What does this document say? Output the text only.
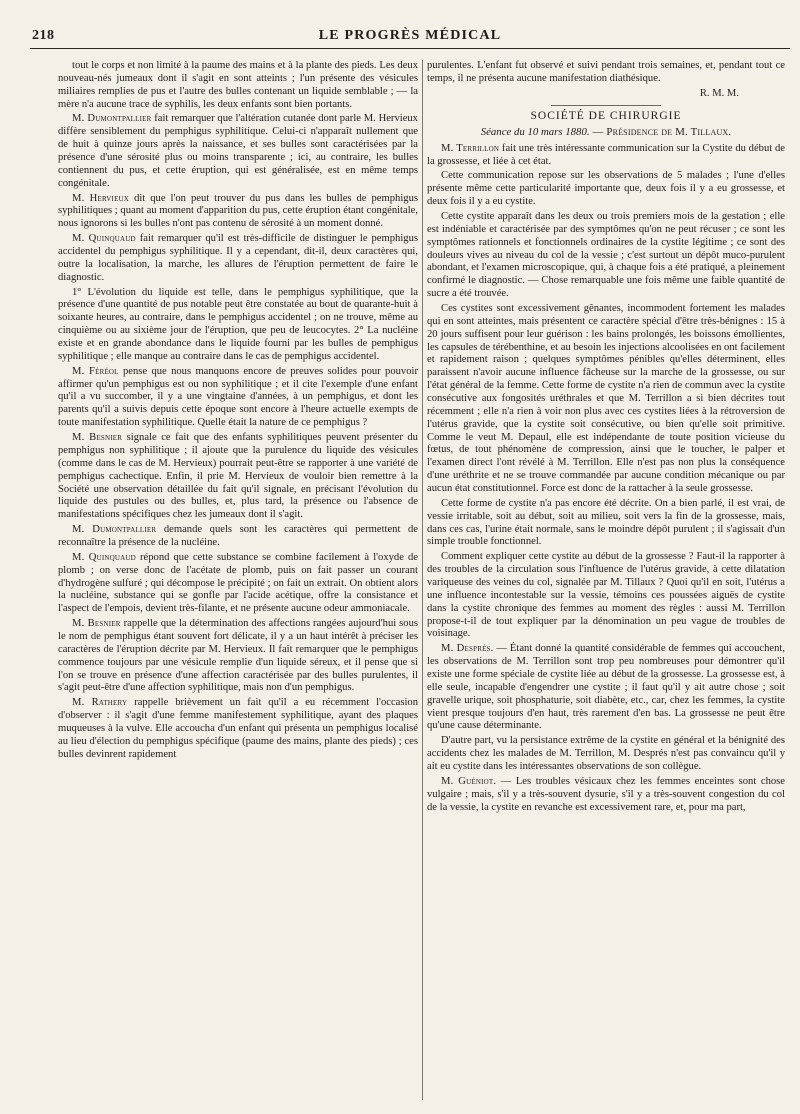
218	LE PROGRÈS MÉDICAL

tout le corps et non limité à la paume des mains et à la plante des pieds. Les deux nouveau-nés jumeaux dont il s'agit en sont atteints ; l'un présente des vésicules miliaires remplies de pus et l'autre des bulles contenant un liquide semblable ; — la mère n'a aucune trace de syphilis, les deux enfants sont bien portants.

M. Dumontpallier fait remarquer que l'altération cutanée dont parle M. Hervieux diffère sensiblement du pemphigus syphilitique. Celui-ci n'apparaît nullement que de huit à quinze jours après la naissance, et ses bulles sont caractérisées par la présence d'une sérosité plus ou moins transparente ; ici, au contraire, les bulles contiennent du pus, et cette éruption, qui est généralisée, est en même temps congénitale.

M. Hervieux dit que l'on peut trouver du pus dans les bulles de pemphigus syphilitiques ; quant au moment d'apparition du pus, cette éruption étant congénitale, nous ignorons si les bulles n'ont pas contenu de sérosité à un moment donné.

M. Quinquaud fait remarquer qu'il est très-difficile de distinguer le pemphigus accidentel du pemphigus syphilitique. Il y a cependant, dit-il, deux caractères qui, outre la localisation, la marche, les allures de l'éruption permettent de faire le diagnostic.

1° L'évolution du liquide est telle, dans le pemphigus syphilitique, que la présence d'une quantité de pus notable peut être constatée au bout de quarante-huit à soixante heures, au contraire, dans le pemphigus accidentel ; on ne trouve, même au cinquième ou au sixième jour de l'éruption, que peu de leucocytes. 2° La nucléine existe et en grande abondance dans le liquide fourni par les bulles de pemphigus syphilitique ; elle manque au contraire dans le cas de pemphigus accidentel.

M. Féréol pense que nous manquons encore de preuves solides pour pouvoir affirmer qu'un pemphigus est ou non syphilitique ; et il cite l'exemple d'une enfant qu'il a vu succomber, il y a une vingtaine d'années, à un pemphigus, et dont les parents qu'il a suivis depuis cette époque sont encore à l'heure actuelle exempts de toute manifestation syphilitique. Quelle était la nature de ce pemphigus ?

M. Besnier signale ce fait que des enfants syphilitiques peuvent présenter du pemphigus non syphilitique ; il ajoute que la purulence du liquide des vésicules (comme dans le cas de M. Hervieux) pourrait peut-être se rapporter à une variété de pemphigus cachectique. Enfin, il prie M. Hervieux de vouloir bien remettre à la Société une observation détaillée du fait qu'il signale, en précisant l'évolution du liquide des pustules ou des bulles, et, plus tard, la présence ou l'absence de manifestations spécifiques chez les jumeaux dont il s'agit.

M. Dumontpallier demande quels sont les caractères qui permettent de reconnaître la présence de la nucléine.

M. Quinquaud répond que cette substance se combine facilement à l'oxyde de plomb ; on verse donc de l'acétate de plomb, puis on fait passer un courant d'hydrogène sulfuré ; qui décompose le précipité ; on fait un extrait. On obtient alors la nucléine, substance qui se gonfle par l'acide acétique, offre la consistance et l'aspect de l'empois, devient très-filante, et ne présente aucune odeur ammoniacale.

M. Besnier rappelle que la détermination des affections rangées aujourd'hui sous le nom de pemphigus étant souvent fort délicate, il y a un haut intérêt à préciser les caractères de l'éruption décrite par M. Hervieux. Il fait remarquer que le pemphigus commence toujours par une vésicule remplie d'un liquide séreux, et il pense que si l'on se trouve en présence d'une affection caractérisée par des bulles purulentes, il s'agit peut-être d'une affection syphilitique, mais non d'un pemphigus.

M. Rathery rappelle brièvement un fait qu'il a eu récemment l'occasion d'observer : il s'agit d'une femme manifestement syphilitique, ayant des plaques muqueuses à la vulve. Elle accoucha d'un enfant qui présenta un pemphigus localisé au lieu d'élection du pemphigus spécifique (paume des mains, plante des pieds) ; ces bulles devinrent rapidement

purulentes. L'enfant fut observé et suivi pendant trois semaines, et, pendant tout ce temps, il ne présenta aucune manifestation diathésique.

R. M. M.

SOCIÉTÉ DE CHIRURGIE

Séance du 10 mars 1880. — Présidence de M. Tillaux.

M. Terrillon fait une très intéressante communication sur la Cystite du début de la grossesse, et liée à cet état.

Cette communication repose sur les observations de 5 malades ; l'une d'elles présente même cette particularité importante que, deux fois il y a eu grossesse, et deux fois il y a eu cystite.

Cette cystite apparaît dans les deux ou trois premiers mois de la gestation ; elle est indéniable et caractérisée par des symptômes qu'on ne peut récuser ; ce sont les symptômes rationnels et fonctionnels ordinaires de la cystite légitime ; ce sont des douleurs vives au niveau du col de la vessie ; c'est surtout un dépôt muco-purulent abondant, et l'examen microscopique, qui, à chaque fois a été pratiqué, a pleinement confirmé le diagnostic. — Chose remarquable une fois même une faible quantité de sucre a été trouvée.

Ces cystites sont excessivement gênantes, incommodent fortement les malades qui en sont atteintes, mais présentent ce caractère spécial d'être très-bénignes : 15 à 20 jours suffisent pour leur guérison : les bains prolongés, les boissons émollientes, les capsules de térébenthine, et au besoin les injections alcoolisées en ont facilement et rapidement raison ; quelques symptômes pénibles qu'elles déterminent, elles paraissent n'avoir aucune influence fâcheuse sur la marche de la grossesse, ou sur l'état général de la femme. Cette forme de cystite n'a rien de commun avec la cystite consécutive aux fongosités uréthrales et que M. Terrillon a si bien décrites tout récemment ; elle n'a rien à voir non plus avec ces cystites liées à la rétroversion de l'utérus gravide, que la cystite soit consécutive, ou bien qu'elle soit primitive. Comme le veut M. Depaul, elle est indépendante de toute position vicieuse du fœtus, de tout phénomène de compression, ainsi que le toucher, le palper et l'examen direct l'ont révélé à M. Terrillon. Elle n'est pas non plus la conséquence d'une uréthrite et ne se trouve commandée par aucune condition mécanique ou par aucun état constitutionnel. Force est donc de la rattacher à la seule grossesse.

Cette forme de cystite n'a pas encore été décrite. On a bien parlé, il est vrai, de vessie irritable, soit au début, soit au milieu, soit vers la fin de la grossesse, mais, dans ces cas, l'urine était normale, sans le moindre dépôt purulent ; il s'agissait d'un simple trouble fonctionnel.

Comment expliquer cette cystite au début de la grossesse ? Faut-il la rapporter à des troubles de la circulation sous l'influence de l'utérus gravide, à cette dilatation variqueuse des veines du col, signalée par M. Tillaux ? Quoi qu'il en soit, l'utérus a une influence incontestable sur la vessie, témoins ces poussées aiguës de cystite dans la cystite chronique des femmes au moment des règles : aussi M. Terrillon propose-t-il de tout expliquer par la dénomination un peu vague de troubles de voisinage.

M. Després. — Étant donné la quantité considérable de femmes qui accouchent, les observations de M. Terrillon sont trop peu nombreuses pour démontrer qu'il existe une forme spéciale de cystite liée au début de la grossesse. La grossesse est, à elle seule, incapable d'engendrer une cystite ; il faut qu'il y ait autre chose ; soit gravelle urique, soit phosphaturie, soit diabète, etc., car, chez les femmes, la cystite vient presque toujours d'en haut, très rarement d'en bas. La grossesse ne peut être qu'une cause déterminante.

D'autre part, vu la persistance extrême de la cystite en général et la bénignité des accidents chez les malades de M. Terrillon, M. Després n'est pas convaincu qu'il y ait eu cystite dans les intéressantes observations de son collègue.

M. Guéniot. — Les troubles vésicaux chez les femmes enceintes sont chose vulgaire ; mais, s'il y a très-souvent dysurie, s'il y a très-souvent congestion du col de la vessie, la cystite en revanche est excessivement rare, et, pour ma part,
